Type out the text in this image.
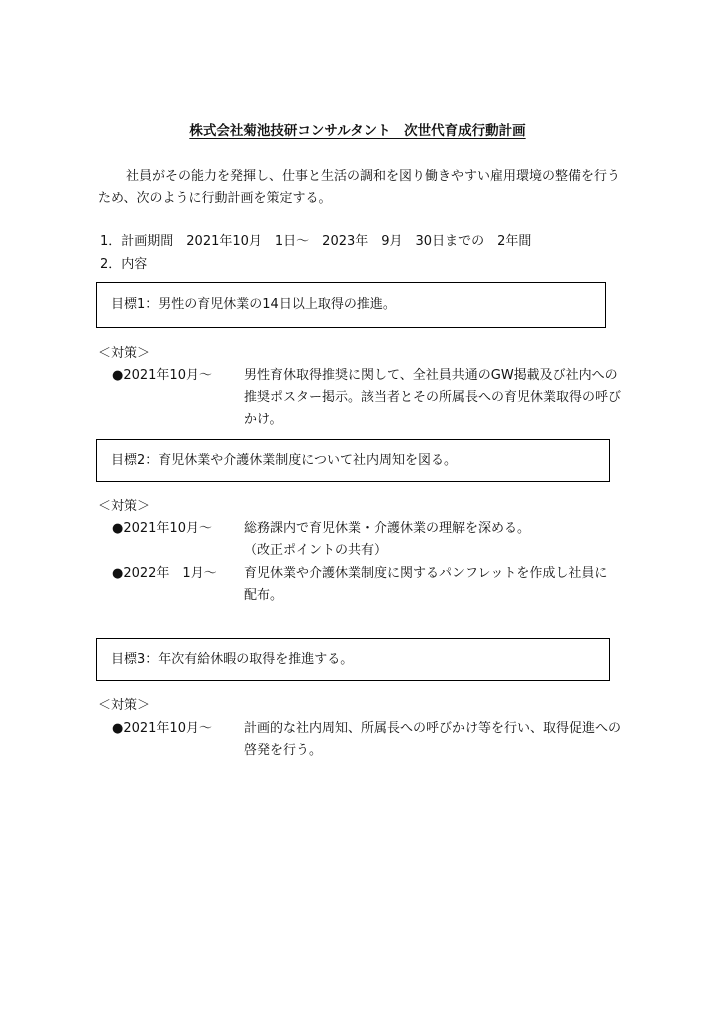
株式会社菊池技研コンサルタント　次世代育成行動計画
社員がその能力を発揮し、仕事と生活の調和を図り働きやすい雇用環境の整備を行う
ため、次のように行動計画を策定する。
1．計画期間　2021年10月　1日～　2023年　9月　30日までの　2年間
2．内容
目標1：男性の育児休業の14日以上取得の推進。
＜対策＞
●2021年10月～ 男性育休取得推奨に関して、全社員共通のGW掲載及び社内への
推奨ポスター掲示。該当者とその所属長への育児休業取得の呼び
かけ。
目標2：育児休業や介護休業制度について社内周知を図る。
＜対策＞
●2021年10月～ 総務課内で育児休業・介護休業の理解を深める。
（改正ポイントの共有）
●2022年　1月～ 育児休業や介護休業制度に関するパンフレットを作成し社員に
配布。
目標3：年次有給休暇の取得を推進する。
＜対策＞
●2021年10月～ 計画的な社内周知、所属長への呼びかけ等を行い、取得促進への
啓発を行う。
